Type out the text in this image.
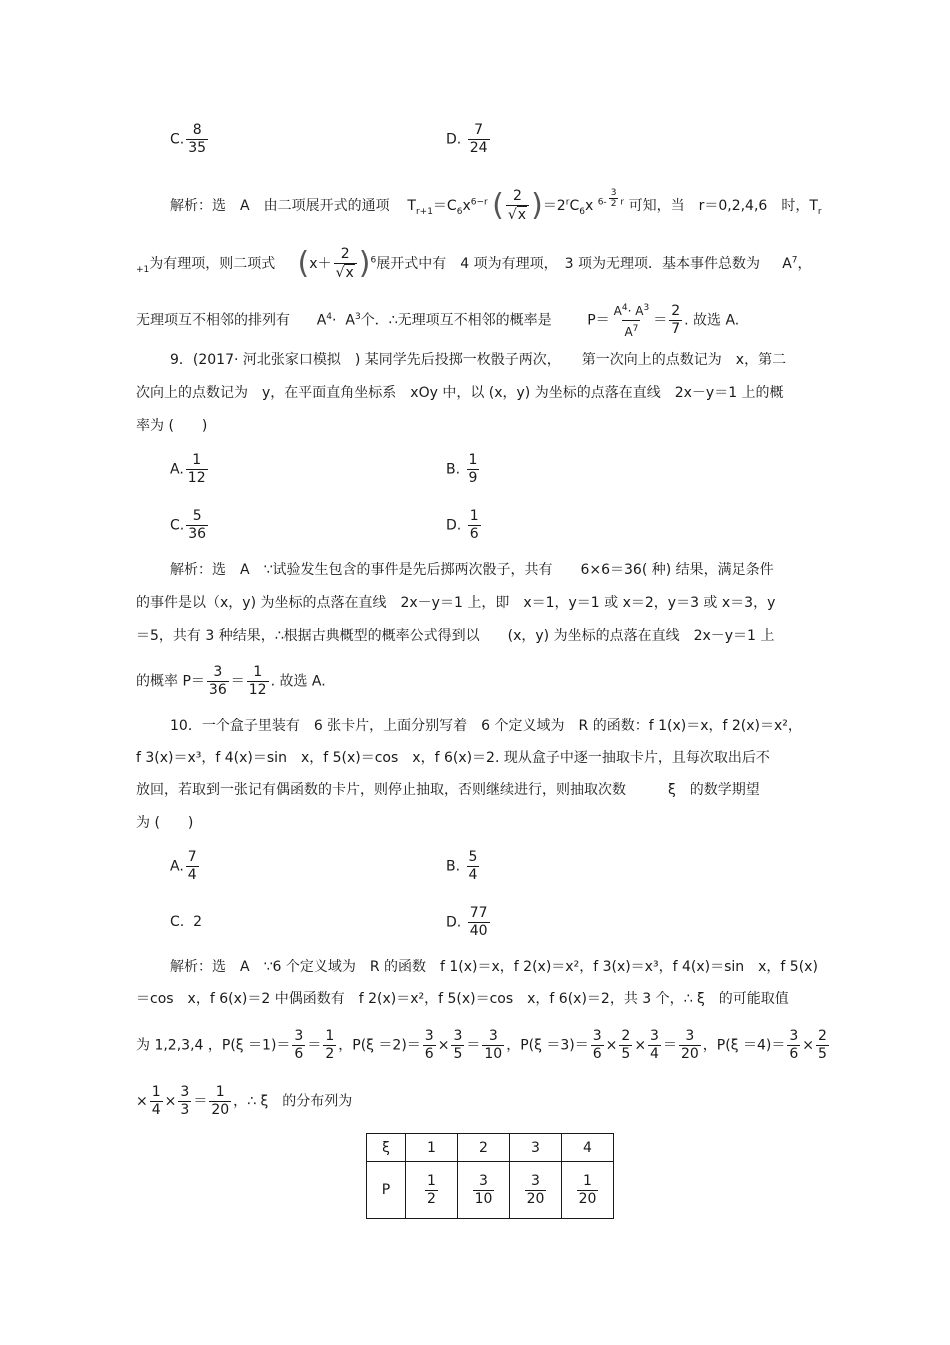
C. $\frac{8}{35}$	D. $\frac{7}{24}$
解析：选　A　由二项展开式的通项 $T_{r+1}=C_6x^{6-r}$ ( $\frac{2}{√x} )=2^rC_6x$ $^{6-} \frac{3}{2} ^r$ 可知，当　r＝0,2,4,6　时，$T_r$
$_{+1}$为有理项，则二项式 $(x+ \frac{2}{√x} )^6$展开式中有　4 项为有理项，　3 项为无理项．基本事件总数为 $A^7$，
无理项互不相邻的排列有 $A^4\cdot A^3$个．∴无理项互不相邻的概率是	$P= \frac{A^4\cdot A^3}{A^7} = \frac{2}{7}$ . 故选 A.
9．(2017· 河北张家口模拟　) 某同学先后投掷一枚骰子两次，　　第一次向上的点数记为　x，第二
次向上的点数记为　y，在平面直角坐标系　xOy 中，以 (x，y) 为坐标的点落在直线　2x－y＝1 上的概
率为 (　　)
A. $\frac{1}{12}$	B. $\frac{1}{9}$
C. $\frac{5}{36}$	D. $\frac{1}{6}$
解析：选　A　∵试验发生包含的事件是先后掷两次骰子，共有　　6×6＝36( 种) 结果，满足条件
的事件是以（x，y) 为坐标的点落在直线　2x－y＝1 上，即　x＝1，y＝1 或 x＝2，y＝3 或 x＝3，y
＝5，共有 3 种结果，∴根据古典概型的概率公式得到以　　(x，y) 为坐标的点落在直线　2x－y＝1 上
的概率 $P= \frac{3}{36} = \frac{1}{12}$ . 故选 A.
10．一个盒子里装有　6 张卡片，上面分别写着　6 个定义域为　R 的函数：f 1(x)＝x，f 2(x)＝x²，
f 3(x)＝x³，f 4(x)＝sin　x，f 5(x)＝cos　x，f 6(x)＝2. 现从盒子中逐一抽取卡片，且每次取出后不
放回，若取到一张记有偶函数的卡片，则停止抽取，否则继续进行，则抽取次数　　　ξ　的数学期望
为 (　　)
A. $\frac{7}{4}$	B. $\frac{5}{4}$
C. 2	D. $\frac{77}{40}$
解析：选　A　∵6 个定义域为　R 的函数　f 1(x)＝x，f 2(x)＝x²，f 3(x)＝x³，f 4(x)＝sin　x，f 5(x)
＝cos　x，f 6(x)＝2 中偶函数有　f 2(x)＝x²，f 5(x)＝cos　x，f 6(x)＝2，共 3 个，∴ ξ　的可能取值
为 1,2,3,4 ，$P(\xi =1)= \frac{3}{6} = \frac{1}{2}$ ，$P(\xi =2)= \frac{3}{6} \times \frac{3}{5} = \frac{3}{10}$ ，$P(\xi =3)= \frac{3}{6} \times \frac{2}{5} \times \frac{3}{4} = \frac{3}{20}$ ，$P(\xi =4)= \frac{3}{6} \times \frac{2}{5}$
× $\frac{1}{4} \times \frac{3}{3} = \frac{1}{20}$ ，∴ ξ　的分布列为
ξ	1	2	3	4
P	$\frac{1}{2}$	$\frac{3}{10}$	$\frac{3}{20}$	$\frac{1}{20}$
